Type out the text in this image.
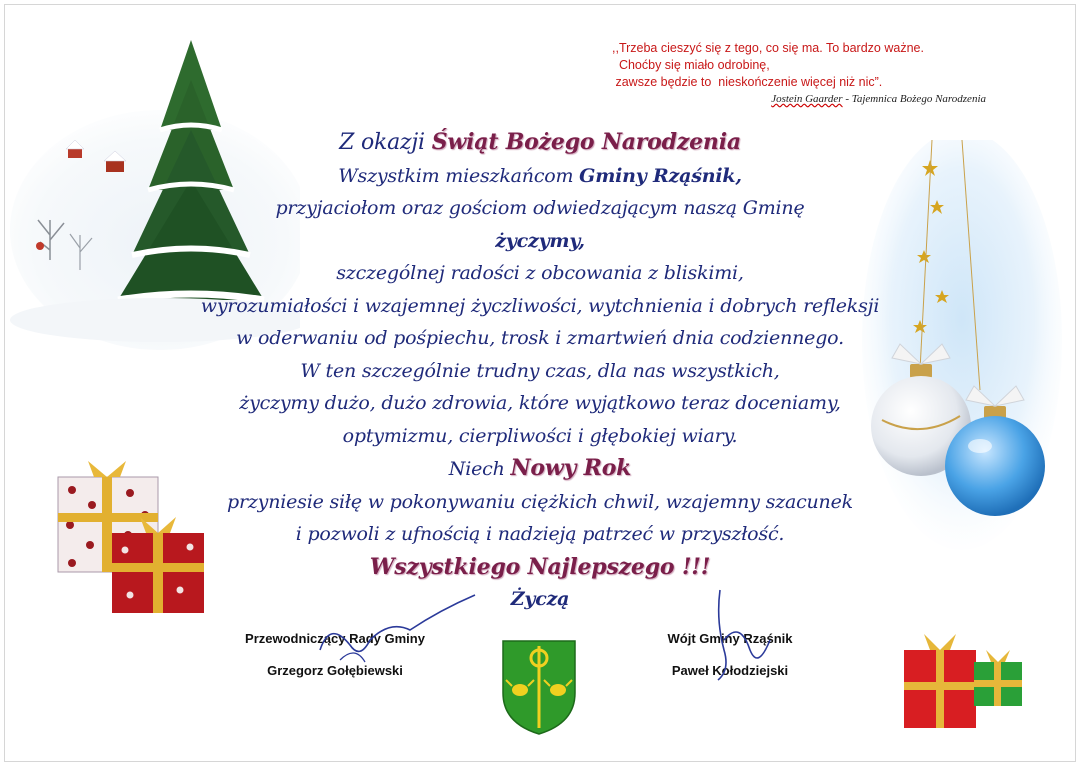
,,Trzeba cieszyć się z tego, co się ma. To bardzo ważne.
Choćby się miało odrobinę,
zawsze będzie to  nieskończenie więcej niż nic”.
Jostein Gaarder - Tajemnica Bożego Narodzenia
Z okazji Świąt Bożego Narodzenia
Wszystkim mieszkańcom Gminy Rząśnik,
przyjaciołom oraz gościom odwiedzającym naszą Gminę
życzymy,
szczególnej radości z obcowania z bliskimi,
wyrozumiałości i wzajemnej życzliwości, wytchnienia i dobrych refleksji
w oderwaniu od pośpiechu, trosk i zmartwień dnia codziennego.
W ten szczególnie trudny czas, dla nas wszystkich,
życzymy dużo, dużo zdrowia, które wyjątkowo teraz doceniamy,
optymizmu, cierpliwości i głębokiej wiary.
Niech Nowy Rok
przyniesie siłę w pokonywaniu ciężkich chwil, wzajemny szacunek
i pozwoli z ufnością i nadzieją patrzeć w przyszłość.
Wszystkiego Najlepszego !!!
Życzą
Przewodniczący Rady Gminy
Grzegorz Gołębiewski
Wójt Gminy Rząśnik
Paweł Kołodziejski
